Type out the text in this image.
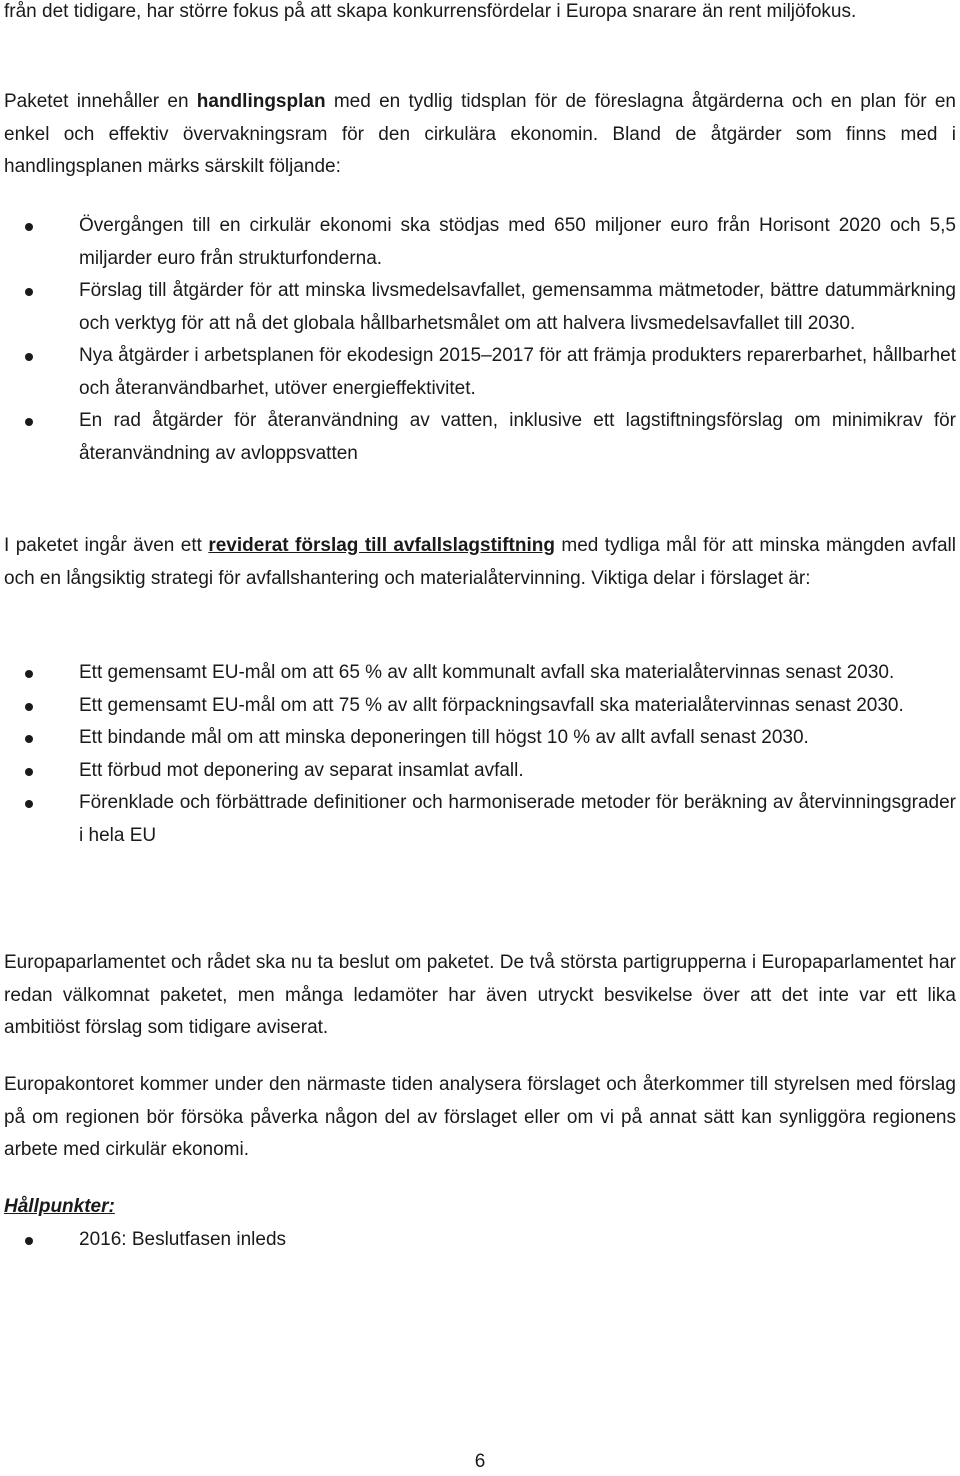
från det tidigare, har större fokus på att skapa konkurrensfördelar i Europa snarare än rent miljöfokus.

Paketet innehåller en handlingsplan med en tydlig tidsplan för de föreslagna åtgärderna och en plan för en enkel och effektiv övervakningsram för den cirkulära ekonomin. Bland de åtgärder som finns med i handlingsplanen märks särskilt följande:

Övergången till en cirkulär ekonomi ska stödjas med 650 miljoner euro från Horisont 2020 och 5,5 miljarder euro från strukturfonderna.
Förslag till åtgärder för att minska livsmedelsavfallet, gemensamma mätmetoder, bättre datummärkning och verktyg för att nå det globala hållbarhetsmålet om att halvera livsmedelsavfallet till 2030.
Nya åtgärder i arbetsplanen för ekodesign 2015–2017 för att främja produkters reparerbarhet, hållbarhet och återanvändbarhet, utöver energieffektivitet.
En rad åtgärder för återanvändning av vatten, inklusive ett lagstiftningsförslag om minimikrav för återanvändning av avloppsvatten

I paketet ingår även ett reviderat förslag till avfallslagstiftning med tydliga mål för att minska mängden avfall och en långsiktig strategi för avfallshantering och materialåtervinning. Viktiga delar i förslaget är:

Ett gemensamt EU-mål om att 65 % av allt kommunalt avfall ska materialåtervinnas senast 2030.
Ett gemensamt EU-mål om att 75 % av allt förpackningsavfall ska materialåtervinnas senast 2030.
Ett bindande mål om att minska deponeringen till högst 10 % av allt avfall senast 2030.
Ett förbud mot deponering av separat insamlat avfall.
Förenklade och förbättrade definitioner och harmoniserade metoder för beräkning av återvinningsgrader i hela EU

Europaparlamentet och rådet ska nu ta beslut om paketet. De två största partigrupperna i Europaparlamentet har redan välkomnat paketet, men många ledamöter har även utryckt besvikelse över att det inte var ett lika ambitiöst förslag som tidigare aviserat.

Europakontoret kommer under den närmaste tiden analysera förslaget och återkommer till styrelsen med förslag på om regionen bör försöka påverka någon del av förslaget eller om vi på annat sätt kan synliggöra regionens arbete med cirkulär ekonomi.

Hållpunkter:
2016: Beslutfasen inleds
6
